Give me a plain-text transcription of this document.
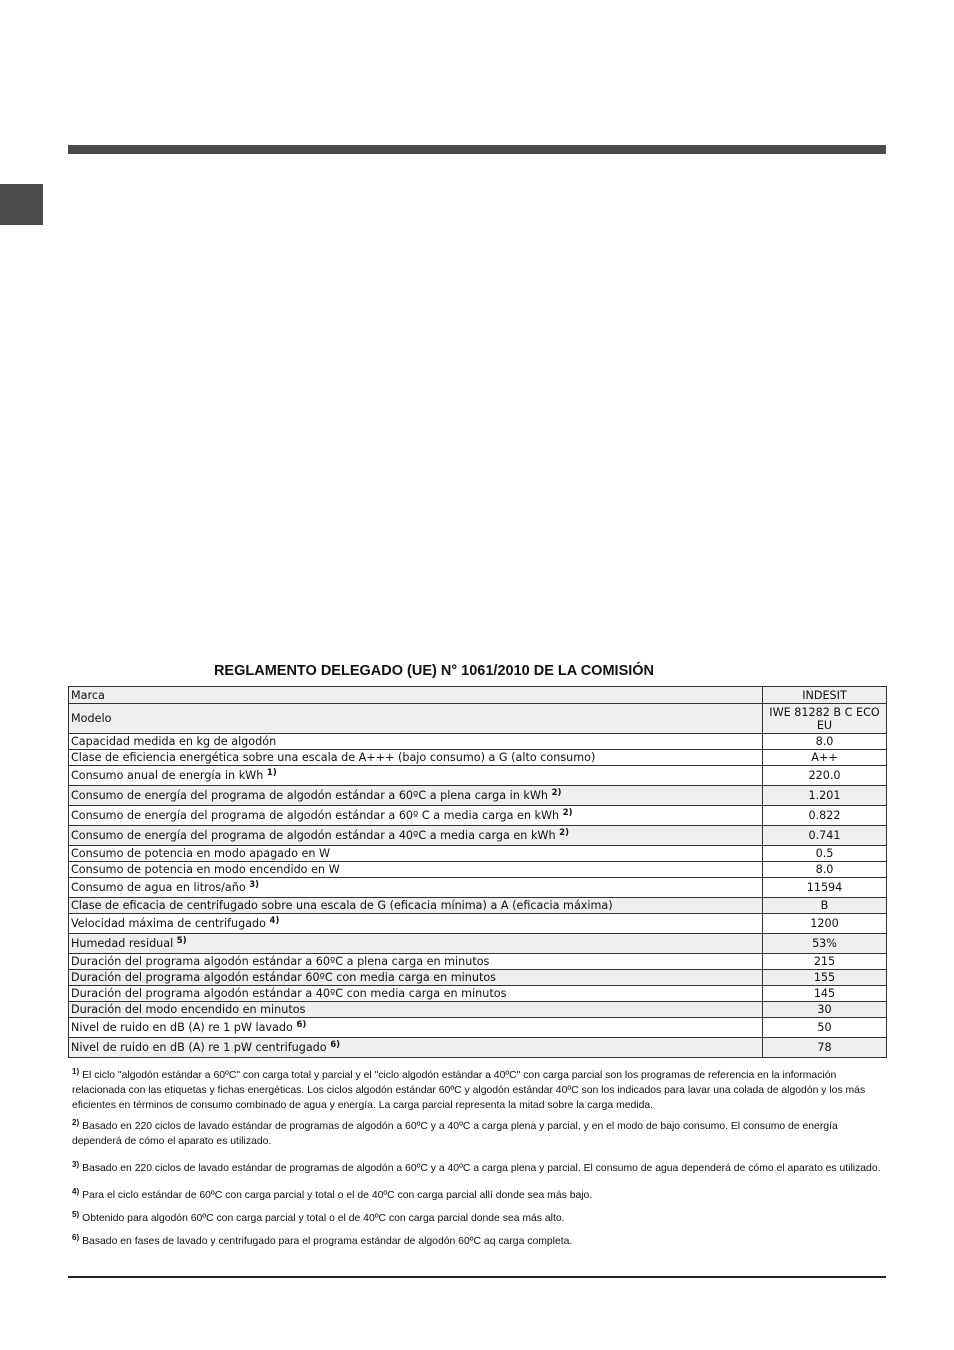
REGLAMENTO DELEGADO (UE) N° 1061/2010 DE LA COMISIÓN
Marca	INDESIT
Modelo	IWE 81282 B C ECO EU
Capacidad medida en kg de algodón	8.0
Clase de eficiencia energética sobre una escala de A+++ (bajo consumo) a G (alto consumo)	A++
Consumo anual de energía in kWh $^{1)}$	220.0
Consumo de energía del programa de algodón estándar a 60ºC a plena carga in kWh $^{2)}$	1.201
Consumo de energía del programa de algodón estándar a 60º C a media carga en kWh $^{2)}$	0.822
Consumo de energía del programa de algodón estándar a 40ºC a media carga en kWh $^{2)}$	0.741
Consumo de potencia en modo apagado en W	0.5
Consumo de potencia en modo encendido en W	8.0
Consumo de agua en litros/año $^{3)}$	11594
Clase de eficacia de centrifugado sobre una escala de G (eficacia mínima) a A (eficacia máxima)	B
Velocidad máxima de centrifugado $^{4)}$	1200
Humedad residual $^{5)}$	53%
Duración del programa algodón estándar a 60ºC a plena carga en minutos	215
Duración del programa algodón estándar 60ºC con media carga en minutos	155
Duración del programa algodón estándar a 40ºC con media carga en minutos	145
Duración del modo encendido en minutos	30
Nivel de ruido en dB (A) re 1 pW lavado $^{6)}$	50
Nivel de ruido en dB (A) re 1 pW centrifugado $^{6)}$	78

$^{1)}$ El ciclo "algodón estándar a 60ºC" con carga total y parcial y el "ciclo algodón estándar a 40ºC" con carga parcial son los programas de referencia en la información relacionada con las etiquetas y fichas energéticas. Los ciclos algodón estándar 60ºC y algodón estándar 40ºC son los indicados para lavar una colada de algodón y los más eficientes en términos de consumo combinado de agua y energía. La carga parcial representa la mitad sobre la carga medida.

$^{2)}$ Basado en 220 ciclos de lavado estándar de programas de algodón a 60ºC y a 40ºC a carga plena y parcial, y en el modo de bajo consumo. El consumo de energía dependerá de cómo el aparato es utilizado.

$^{3)}$ Basado en 220 ciclos de lavado estándar de programas de algodón a 60ºC y a 40ºC a carga plena y parcial. El consumo de agua dependerá de cómo el aparato es utilizado.

$^{4)}$ Para el ciclo estándar de 60ºC con carga parcial y total o el de 40ºC con carga parcial allí donde sea más bajo.

$^{5)}$ Obtenido para algodón 60ºC con carga parcial y total o el de 40ºC con carga parcial donde sea más alto.

$^{6)}$ Basado en fases de lavado y centrifugado para el programa estándar de algodón 60ºC aq carga completa.
